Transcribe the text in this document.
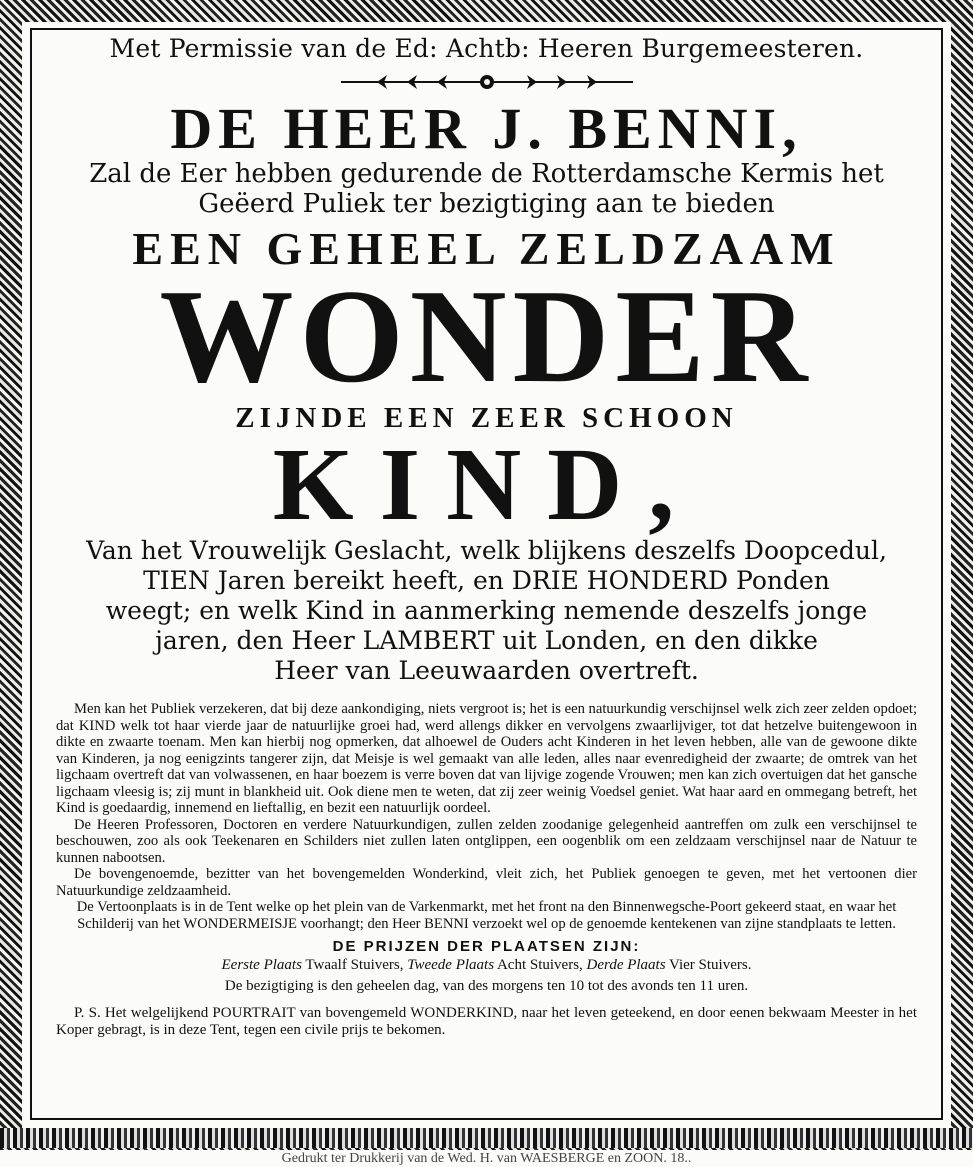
Met Permissie van de Ed: Achtb: Heeren Burgemeesteren.
DE HEER J. BENNI,
Zal de Eer hebben gedurende de Rotterdamsche Kermis het
Geëerd Puliek ter bezigtiging aan te bieden
EEN GEHEEL ZELDZAAM
WONDER
ZIJNDE EEN ZEER SCHOON
KIND,
Van het Vrouwelijk Geslacht, welk blijkens deszelfs Doopcedul,
TIEN Jaren bereikt heeft, en DRIE HONDERD Ponden
weegt; en welk Kind in aanmerking nemende deszelfs jonge
jaren, den Heer LAMBERT uit Londen, en den dikke
Heer van Leeuwaarden overtreft.

Men kan het Publiek verzekeren, dat bij deze aankondiging, niets vergroot is; het is een natuurkundig verschijnsel welk zich zeer zelden opdoet; dat KIND welk tot haar vierde jaar de natuurlijke groei had, werd allengs dikker en vervolgens zwaarlijviger, tot dat hetzelve buitengewoon in dikte en zwaarte toenam. Men kan hierbij nog opmerken, dat alhoewel de Ouders acht Kinderen in het leven hebben, alle van de gewoone dikte van Kinderen, ja nog eenigzints tangerer zijn, dat Meisje is wel gemaakt van alle leden, alles naar evenredigheid der zwaarte; de omtrek van het ligchaam overtreft dat van volwassenen, en haar boezem is verre boven dat van lijvige zogende Vrouwen; men kan zich overtuigen dat het gansche ligchaam vleesig is; zij munt in blankheid uit. Ook diene men te weten, dat zij zeer weinig Voedsel geniet. Wat haar aard en ommegang betreft, het Kind is goedaardig, innemend en lieftallig, en bezit een natuurlijk oordeel.

De Heeren Professoren, Doctoren en verdere Natuurkundigen, zullen zelden zoodanige gelegenheid aantreffen om zulk een verschijnsel te beschouwen, zoo als ook Teekenaren en Schilders niet zullen laten ontglippen, een oogenblik om een zeldzaam verschijnsel naar de Natuur te kunnen nabootsen.

De bovengenoemde, bezitter van het bovengemelden Wonderkind, vleit zich, het Publiek genoegen te geven, met het vertoonen dier Natuurkundige zeldzaamheid.

De Vertoonplaats is in de Tent welke op het plein van de Varkenmarkt, met het front na den Binnenwegsche-Poort gekeerd staat, en waar het Schilderij van het WONDERMEISJE voorhangt; den Heer BENNI verzoekt wel op de genoemde kentekenen van zijne standplaats te letten.

DE PRIJZEN DER PLAATSEN ZIJN:
Eerste Plaats Twaalf Stuivers, Tweede Plaats Acht Stuivers, Derde Plaats Vier Stuivers.
De bezigtiging is den geheelen dag, van des morgens ten 10 tot des avonds ten 11 uren.
P. S. Het welgelijkend POURTRAIT van bovengemeld WONDERKIND, naar het leven geteekend, en door eenen bekwaam Meester in het Koper gebragt, is in deze Tent, tegen een civile prijs te bekomen.
Gedrukt ter Drukkerij van de Wed. H. van WAESBERGE en ZOON. 18..
